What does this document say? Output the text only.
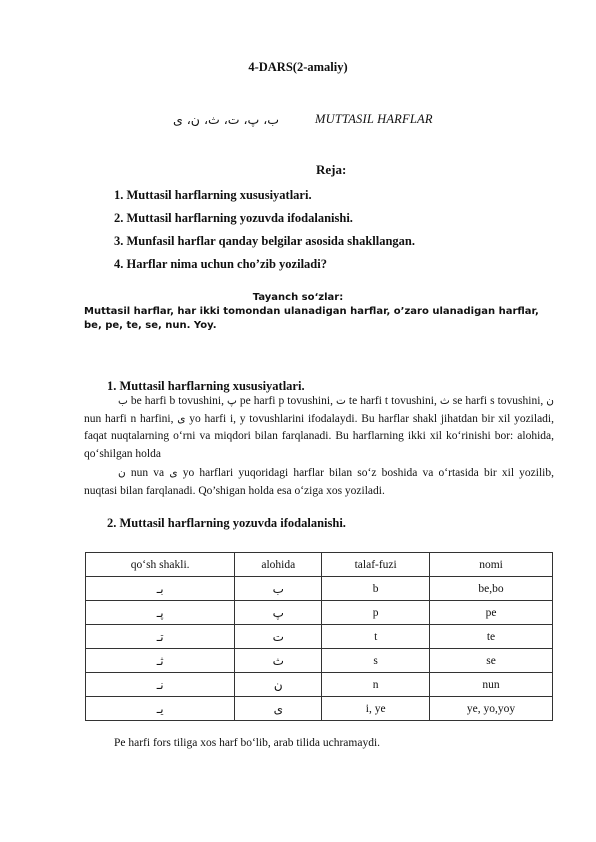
4-DARS(2-amaliy)
ب، پ، ت، ث، ن، ی	MUTTASIL HARFLAR
Reja:
1. Muttasil harflarning xususiyatlari.
2. Muttasil harflarning yozuvda ifodalanishi.
3. Munfasil harflar qanday belgilar asosida shakllangan.
4. Harflar nima uchun cho’zib yoziladi?
Tayanch so‘zlar:
Muttasil harflar, har ikki tomondan ulanadigan harflar, o’zaro ulanadigan harflar, be, pe, te, se, nun. Yoy.
1. Muttasil harflarning xususiyatlari.
ب be harfi b tovushini, پ pe harfi p tovushini, ت te harfi t tovushini, ث se harfi s tovushini, ن nun harfi n harfini, ی yo harfi i, y tovushlarini ifodalaydi. Bu harflar shakl jihatdan bir xil yoziladi, faqat nuqtalarning o‘rni va miqdori bilan farqlanadi. Bu harflarning ikki xil ko‘rinishi bor: alohida, qo‘shilgan holda
ن nun va ی yo harflari yuqoridagi harflar bilan so‘z boshida va o‘rtasida bir xil yozilib, nuqtasi bilan farqlanadi. Qo’shigan holda esa o‘ziga xos yoziladi.
2. Muttasil harflarning yozuvda ifodalanishi.
qo‘sh shakli.	alohida	talaf-fuzi	nomi
بـ	ب	b	be,bo
پـ	پ	p	pe
تـ	ت	t	te
ثـ	ث	s	se
نـ	ن	n	nun
یـ	ی	i, ye	ye, yo,yoy
Pe harfi fors tiliga xos harf bo‘lib, arab tilida uchramaydi.
